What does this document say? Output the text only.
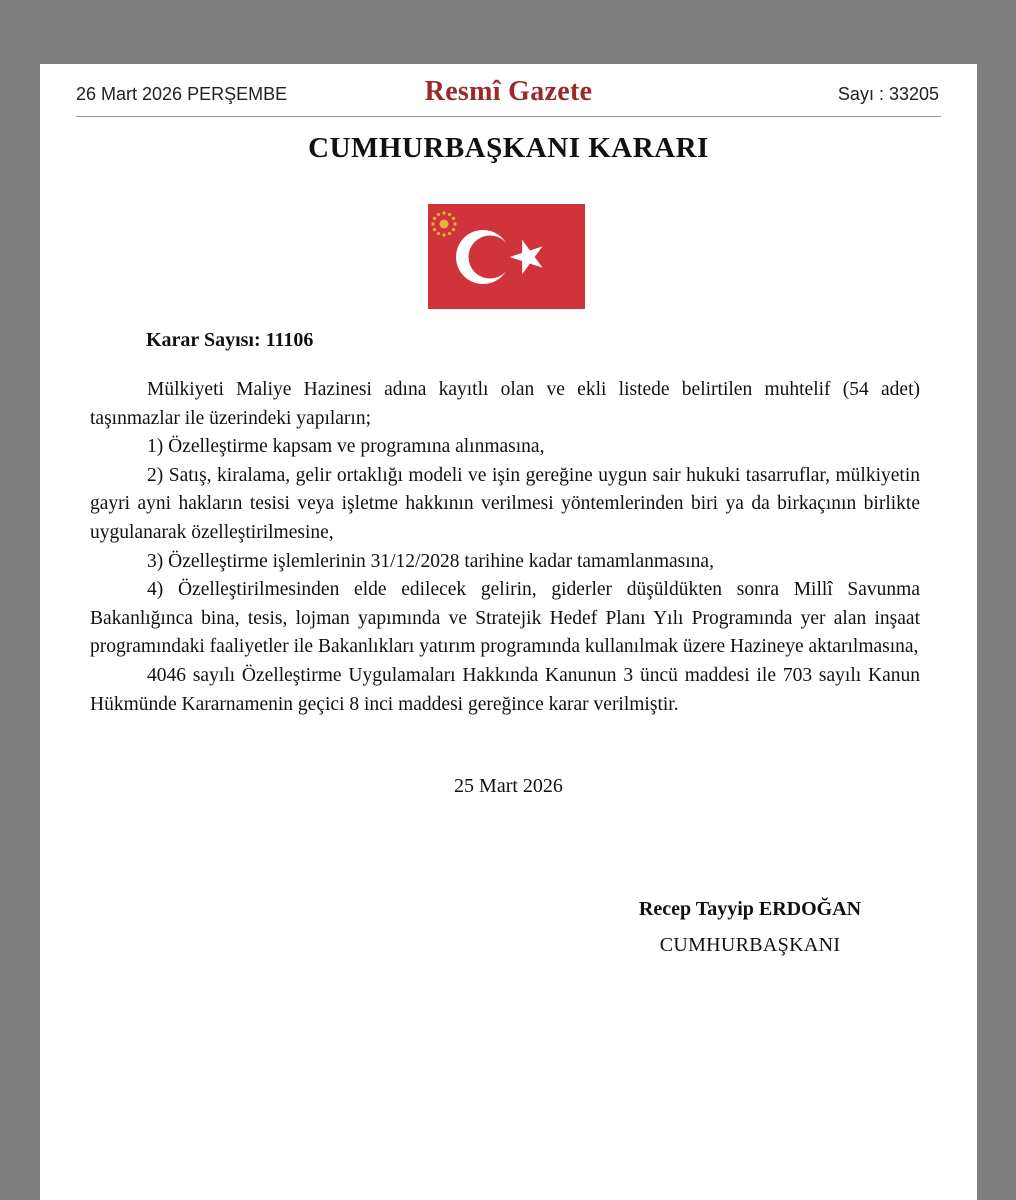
26 Mart 2026 PERŞEMBE	Resmî Gazete	Sayı : 33205
CUMHURBAŞKANI KARARI
Karar Sayısı: 11106

Mülkiyeti Maliye Hazinesi adına kayıtlı olan ve ekli listede belirtilen muhtelif (54 adet) taşınmazlar ile üzerindeki yapıların;

1) Özelleştirme kapsam ve programına alınmasına,

2) Satış, kiralama, gelir ortaklığı modeli ve işin gereğine uygun sair hukuki tasarruflar, mülkiyetin gayri ayni hakların tesisi veya işletme hakkının verilmesi yöntemlerinden biri ya da birkaçının birlikte uygulanarak özelleştirilmesine,

3) Özelleştirme işlemlerinin 31/12/2028 tarihine kadar tamamlanmasına,

4) Özelleştirilmesinden elde edilecek gelirin, giderler düşüldükten sonra Millî Savunma Bakanlığınca bina, tesis, lojman yapımında ve Stratejik Hedef Planı Yılı Programında yer alan inşaat programındaki faaliyetler ile Bakanlıkları yatırım programında kullanılmak üzere Hazineye aktarılmasına,

4046 sayılı Özelleştirme Uygulamaları Hakkında Kanunun 3 üncü maddesi ile 703 sayılı Kanun Hükmünde Kararnamenin geçici 8 inci maddesi gereğince karar verilmiştir.

25 Mart 2026
Recep Tayyip ERDOĞAN
CUMHURBAŞKANI
